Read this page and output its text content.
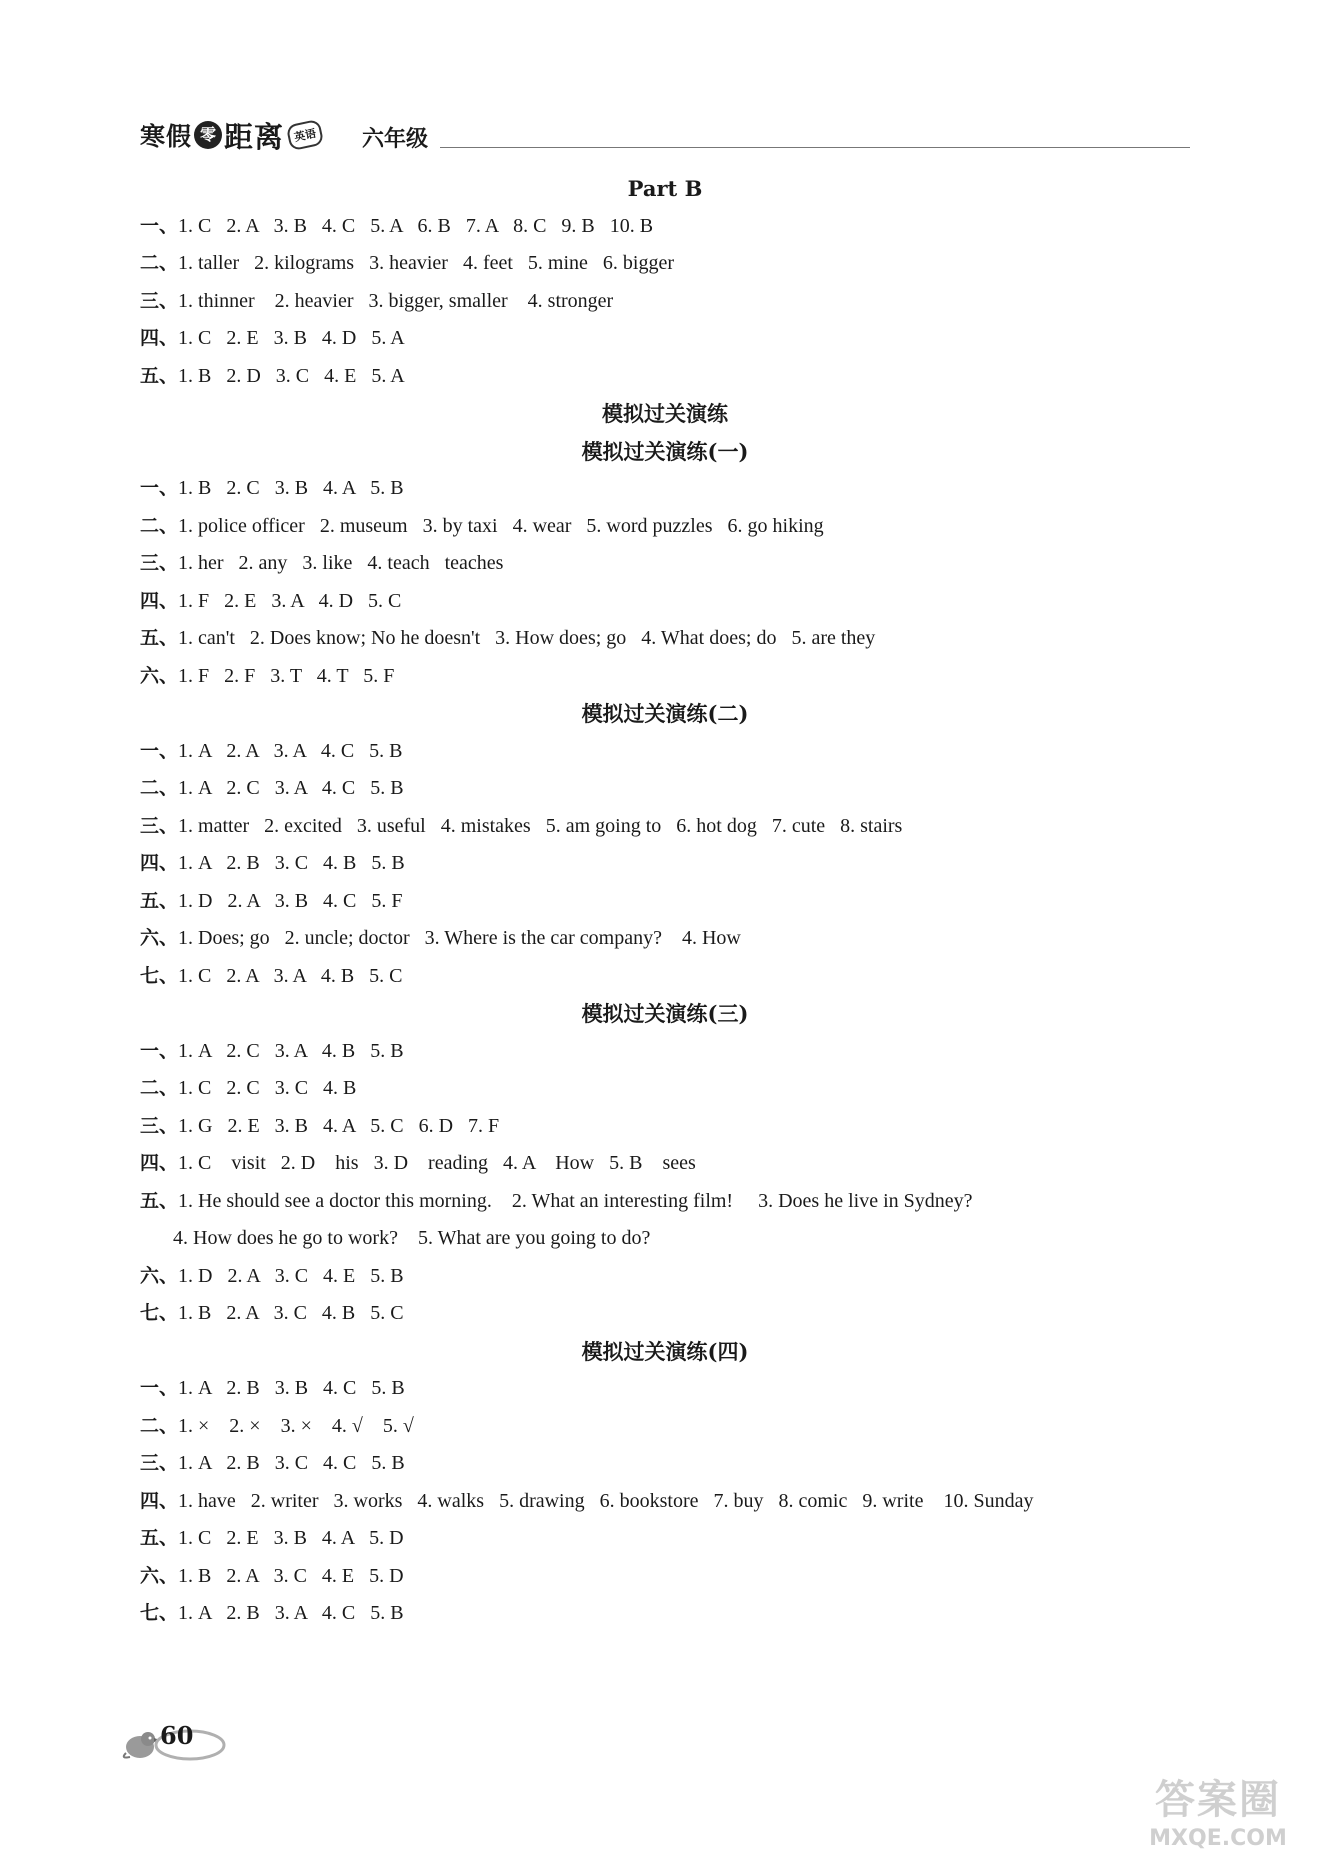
寒假 零 距离 英语	六年级
Part B
一、1. C   2. A   3. B   4. C   5. A   6. B   7. A   8. C   9. B   10. B
二、1. taller   2. kilograms   3. heavier   4. feet   5. mine   6. bigger
三、1. thinner    2. heavier   3. bigger, smaller    4. stronger
四、1. C   2. E   3. B   4. D   5. A
五、1. B   2. D   3. C   4. E   5. A
模拟过关演练
模拟过关演练(一)
一、1. B   2. C   3. B   4. A   5. B
二、1. police officer   2. museum   3. by taxi   4. wear   5. word puzzles   6. go hiking
三、1. her   2. any   3. like   4. teach   teaches
四、1. F   2. E   3. A   4. D   5. C
五、1. can't   2. Does know; No he doesn't   3. How does; go   4. What does; do   5. are they
六、1. F   2. F   3. T   4. T   5. F
模拟过关演练(二)
一、1. A   2. A   3. A   4. C   5. B
二、1. A   2. C   3. A   4. C   5. B
三、1. matter   2. excited   3. useful   4. mistakes   5. am going to   6. hot dog   7. cute   8. stairs
四、1. A   2. B   3. C   4. B   5. B
五、1. D   2. A   3. B   4. C   5. F
六、1. Does; go   2. uncle; doctor   3. Where is the car company?    4. How
七、1. C   2. A   3. A   4. B   5. C
模拟过关演练(三)
一、1. A   2. C   3. A   4. B   5. B
二、1. C   2. C   3. C   4. B
三、1. G   2. E   3. B   4. A   5. C   6. D   7. F
四、1. C    visit   2. D    his   3. D    reading   4. A    How   5. B    sees
五、1. He should see a doctor this morning.    2. What an interesting film!     3. Does he live in Sydney?
4. How does he go to work?    5. What are you going to do?
六、1. D   2. A   3. C   4. E   5. B
七、1. B   2. A   3. C   4. B   5. C
模拟过关演练(四)
一、1. A   2. B   3. B   4. C   5. B
二、1. ×    2. ×    3. ×    4. √    5. √
三、1. A   2. B   3. C   4. C   5. B
四、1. have   2. writer   3. works   4. walks   5. drawing   6. bookstore   7. buy   8. comic   9. write    10. Sunday
五、1. C   2. E   3. B   4. A   5. D
六、1. B   2. A   3. C   4. E   5. D
七、1. A   2. B   3. A   4. C   5. B
60
答案圈
MXQE.COM
